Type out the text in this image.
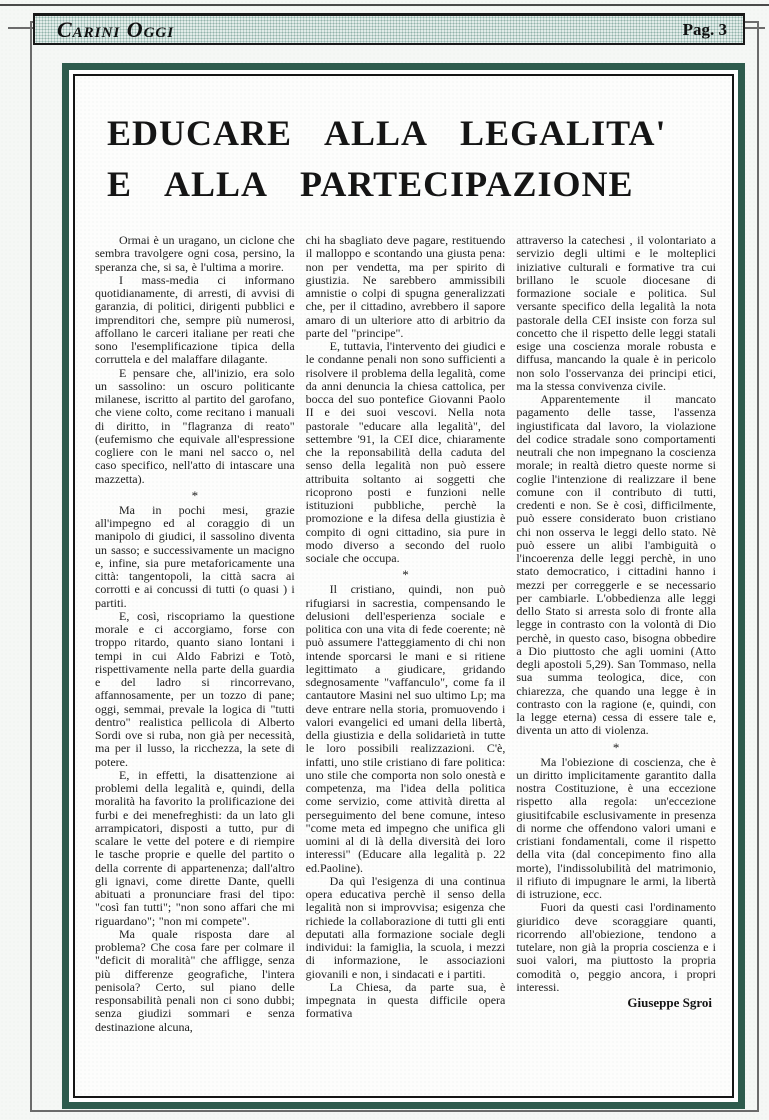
Carini Oggi	Pag. 3
EDUCARE ALLA LEGALITA'
E ALLA PARTECIPAZIONE

Ormai è un uragano, un ciclone che sembra travolgere ogni cosa, persino, la speranza che, si sa, è l'ultima a morire.

I mass-media ci informano quotidianamente, di arresti, di avvisi di garanzia, di politici, dirigenti pubblici e imprenditori che, sempre più numerosi, affollano le carceri italiane per reati che sono l'esemplificazione tipica della corruttela e del malaffare dilagante.

E pensare che, all'inizio, era solo un sassolino: un oscuro politicante milanese, iscritto al partito del garofano, che viene colto, come recitano i manuali di diritto, in "flagranza di reato" (eufemismo che equivale all'espressione cogliere con le mani nel sacco o, nel caso specifico, nell'atto di intascare una mazzetta).

*

Ma in pochi mesi, grazie all'impegno ed al coraggio di un manipolo di giudici, il sassolino diventa un sasso; e successivamente un macigno e, infine, sia pure metaforicamente una città: tangentopoli, la città sacra ai corrotti e ai concussi di tutti (o quasi ) i partiti.

E, così, riscopriamo la questione morale e ci accorgiamo, forse con troppo ritardo, quanto siano lontani i tempi in cui Aldo Fabrizi e Totò, rispettivamente nella parte della guardia e del ladro si rincorrevano, affannosamente, per un tozzo di pane; oggi, semmai, prevale la logica di "tutti dentro" realistica pellicola di Alberto Sordi ove si ruba, non già per necessità, ma per il lusso, la ricchezza, la sete di potere.

E, in effetti, la disattenzione ai problemi della legalità e, quindi, della moralità ha favorito la prolificazione dei furbi e dei menefreghisti: da un lato gli arrampicatori, disposti a tutto, pur di scalare le vette del potere e di riempire le tasche proprie e quelle del partito o della corrente di appartenenza; dall'altro gli ignavi, come dirette Dante, quelli abituati a pronunciare frasi del tipo: "così fan tutti"; "non sono affari che mi riguardano"; "non mi compete".

Ma quale risposta dare al problema? Che cosa fare per colmare il "deficit di moralità" che affligge, senza più differenze geografiche, l'intera penisola? Certo, sul piano delle responsabilità penali non ci sono dubbi; senza giudizi sommari e senza destinazione alcuna,

chi ha sbagliato deve pagare, restituendo il malloppo e scontando una giusta pena: non per vendetta, ma per spirito di giustizia. Ne sarebbero ammissibili amnistie o colpi di spugna generalizzati che, per il cittadino, avrebbero il sapore amaro di un ulteriore atto di arbitrio da parte del "principe".

E, tuttavia, l'intervento dei giudici e le condanne penali non sono sufficienti a risolvere il problema della legalità, come da anni denuncia la chiesa cattolica, per bocca del suo pontefice Giovanni Paolo II e dei suoi vescovi. Nella nota pastorale "educare alla legalità", del settembre '91, la CEI dice, chiaramente che la reponsabilità della caduta del senso della legalità non può essere attribuita soltanto ai soggetti che ricoprono posti e funzioni nelle istituzioni pubbliche, perchè la promozione e la difesa della giustizia è compito di ogni cittadino, sia pure in modo diverso a secondo del ruolo sociale che occupa.

*

Il cristiano, quindi, non può rifugiarsi in sacrestia, compensando le delusioni dell'esperienza sociale e politica con una vita di fede coerente; nè può assumere l'atteggiamento di chi non intende sporcarsi le mani e si ritiene legittimato a giudicare, gridando sdegnosamente "vaffanculo", come fa il cantautore Masini nel suo ultimo Lp; ma deve entrare nella storia, promuovendo i valori evangelici ed umani della libertà, della giustizia e della solidarietà in tutte le loro possibili realizzazioni. C'è, infatti, uno stile cristiano di fare politica: uno stile che comporta non solo onestà e competenza, ma l'idea della politica come servizio, come attività diretta al perseguimento del bene comune, inteso "come meta ed impegno che unifica gli uomini al di là della diversità dei loro interessi" (Educare alla legalità p. 22 ed.Paoline).

Da quì l'esigenza di una continua opera educativa perchè il senso della legalità non si improvvisa; esigenza che richiede la collaborazione di tutti gli enti deputati alla formazione sociale degli individui: la famiglia, la scuola, i mezzi di informazione, le associazioni giovanili e non, i sindacati e i partiti.

La Chiesa, da parte sua, è impegnata in questa difficile opera formativa

attraverso la catechesi , il volontariato a servizio degli ultimi e le molteplici iniziative culturali e formative tra cui brillano le scuole diocesane di formazione sociale e politica. Sul versante specifico della legalità la nota pastorale della CEI insiste con forza sul concetto che il rispetto delle leggi statali esige una coscienza morale robusta e diffusa, mancando la quale è in pericolo non solo l'osservanza dei principi etici, ma la stessa convivenza civile.

Apparentemente il mancato pagamento delle tasse, l'assenza ingiustificata dal lavoro, la violazione del codice stradale sono comportamenti neutrali che non impegnano la coscienza morale; in realtà dietro queste norme si coglie l'intenzione di realizzare il bene comune con il contributo di tutti, credenti e non. Se è così, difficilmente, può essere considerato buon cristiano chi non osserva le leggi dello stato. Nè può essere un alibi l'ambiguità o l'incoerenza delle leggi perchè, in uno stato democratico, i cittadini hanno i mezzi per correggerle e se necessario per cambiarle. L'obbedienza alle leggi dello Stato si arresta solo di fronte alla legge in contrasto con la volontà di Dio perchè, in questo caso, bisogna obbedire a Dio piuttosto che agli uomini (Atto degli apostoli 5,29). San Tommaso, nella sua summa teologica, dice, con chiarezza, che quando una legge è in contrasto con la ragione (e, quindi, con la legge eterna) cessa di essere tale e, diventa un atto di violenza.

*

Ma l'obiezione di coscienza, che è un diritto implicitamente garantito dalla nostra Costituzione, è una eccezione rispetto alla regola: un'eccezione giusitifcabile esclusivamente in presenza di norme che offendono valori umani e cristiani fondamentali, come il rispetto della vita (dal concepimento fino alla morte), l'indissolubilità del matrimonio, il rifiuto di impugnare le armi, la libertà di istruzione, ecc.

Fuori da questi casi l'ordinamento giuridico deve scoraggiare quanti, ricorrendo all'obiezione, tendono a tutelare, non già la propria coscienza e i suoi valori, ma piuttosto la propria comodità o, peggio ancora, i propri interessi.

Giuseppe Sgroi
